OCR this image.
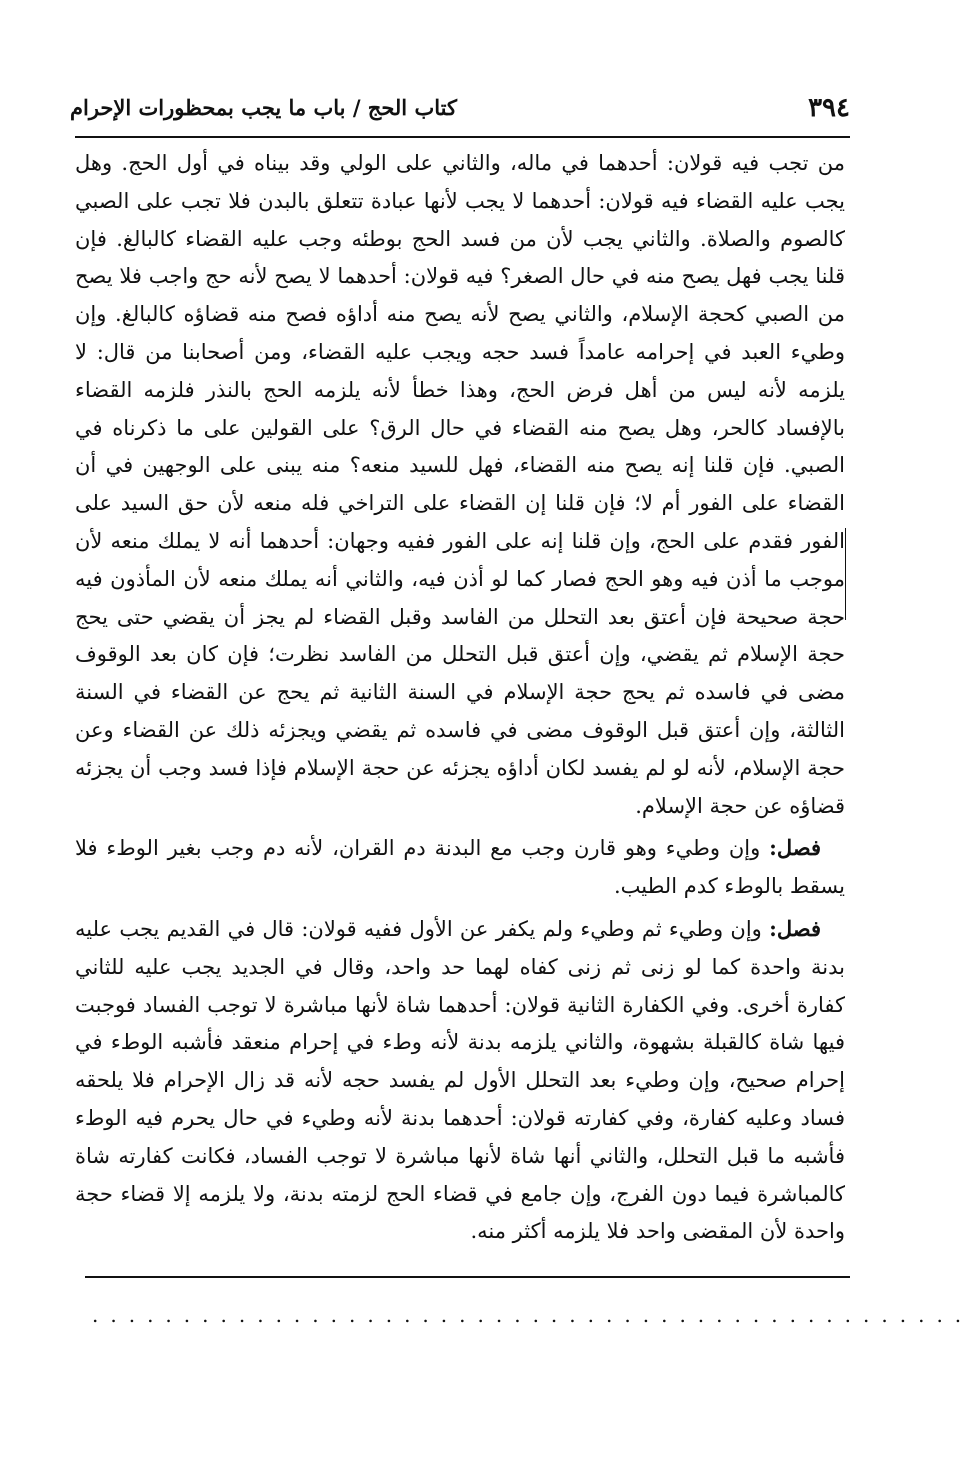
٣٩٤
كتاب الحج / باب ما يجب بمحظورات الإحرام

من تجب فيه قولان: أحدهما في ماله، والثاني على الولي وقد بيناه في أول الحج. وهل يجب عليه القضاء فيه قولان: أحدهما لا يجب لأنها عبادة تتعلق بالبدن فلا تجب على الصبي كالصوم والصلاة. والثاني يجب لأن من فسد الحج بوطئه وجب عليه القضاء كالبالغ. فإن قلنا يجب فهل يصح منه في حال الصغر؟ فيه قولان: أحدهما لا يصح لأنه حج واجب فلا يصح من الصبي كحجة الإسلام، والثاني يصح لأنه يصح منه أداؤه فصح منه قضاؤه كالبالغ. وإن وطيء العبد في إحرامه عامداً فسد حجه ويجب عليه القضاء، ومن أصحابنا من قال: لا يلزمه لأنه ليس من أهل فرض الحج، وهذا خطأ لأنه يلزمه الحج بالنذر فلزمه القضاء بالإفساد كالحر، وهل يصح منه القضاء في حال الرق؟ على القولين على ما ذكرناه في الصبي. فإن قلنا إنه يصح منه القضاء، فهل للسيد منعه؟ منه يبنى على الوجهين في أن القضاء على الفور أم لا؛ فإن قلنا إن القضاء على التراخي فله منعه لأن حق السيد على الفور فقدم على الحج، وإن قلنا إنه على الفور ففيه وجهان: أحدهما أنه لا يملك منعه لأن موجب ما أذن فيه وهو الحج فصار كما لو أذن فيه، والثاني أنه يملك منعه لأن المأذون فيه حجة صحيحة فإن أعتق بعد التحلل من الفاسد وقبل القضاء لم يجز أن يقضي حتى يحج حجة الإسلام ثم يقضي، وإن أعتق قبل التحلل من الفاسد نظرت؛ فإن كان بعد الوقوف مضى في فاسده ثم يحج حجة الإسلام في السنة الثانية ثم يحج عن القضاء في السنة الثالثة، وإن أعتق قبل الوقوف مضى في فاسده ثم يقضي ويجزئه ذلك عن القضاء وعن حجة الإسلام، لأنه لو لم يفسد لكان أداؤه يجزئه عن حجة الإسلام فإذا فسد وجب أن يجزئه قضاؤه عن حجة الإسلام.

فصل: وإن وطيء وهو قارن وجب مع البدنة دم القران، لأنه دم وجب بغير الوطء فلا يسقط بالوطء كدم الطيب.

فصل: وإن وطيء ثم وطيء ولم يكفر عن الأول ففيه قولان: قال في القديم يجب عليه بدنة واحدة كما لو زنى ثم زنى كفاه لهما حد واحد، وقال في الجديد يجب عليه للثاني كفارة أخرى. وفي الكفارة الثانية قولان: أحدهما شاة لأنها مباشرة لا توجب الفساد فوجبت فيها شاة كالقبلة بشهوة، والثاني يلزمه بدنة لأنه وطء في إحرام منعقد فأشبه الوطء في إحرام صحيح، وإن وطيء بعد التحلل الأول لم يفسد حجه لأنه قد زال الإحرام فلا يلحقه فساد وعليه كفارة، وفي كفارته قولان: أحدهما بدنة لأنه وطيء في حال يحرم فيه الوطء فأشبه ما قبل التحلل، والثاني أنها شاة لأنها مباشرة لا توجب الفساد، فكانت كفارته شاة كالمباشرة فيما دون الفرج، وإن جامع في قضاء الحج لزمته بدنة، ولا يلزمه إلا قضاء حجة واحدة لأن المقضى واحد فلا يلزمه أكثر منه.

................................................
